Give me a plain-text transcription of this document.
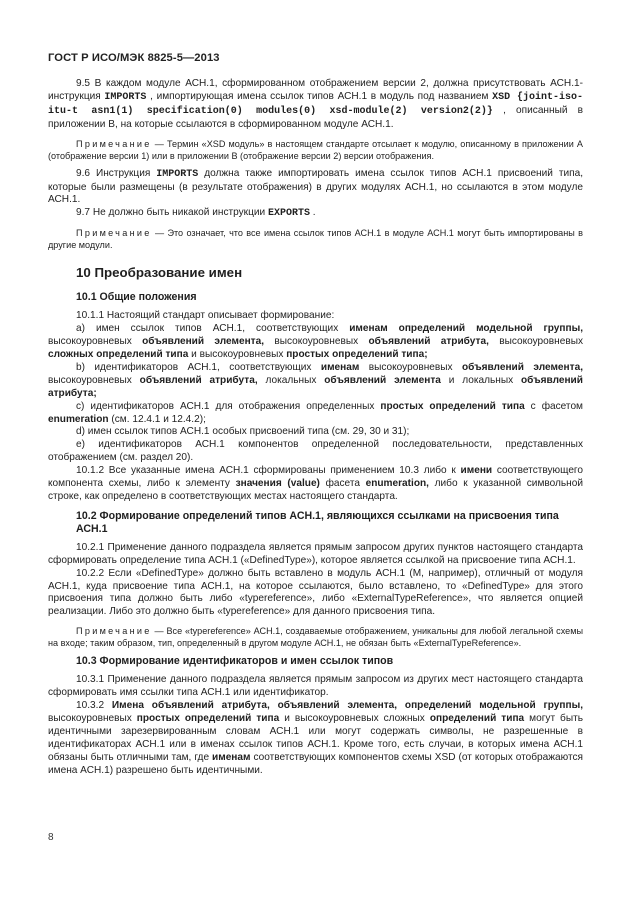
ГОСТ Р ИСО/МЭК 8825-5—2013

9.5 В каждом модуле АСН.1, сформированном отображением версии 2, должна присутствовать АСН.1-инструкция IMPORTS , импортирующая имена ссылок типов АСН.1 в модуль под названием XSD {joint-iso-itu-t asn1(1) specification(0) modules(0) xsd-module(2) version2(2)} , описанный в приложении В, на которые ссылаются в сформированном модуле АСН.1.

Примечание — Термин «XSD модуль» в настоящем стандарте отсылает к модулю, описанному в приложении А (отображение версии 1) или в приложении В (отображение версии 2) версии отображения.

9.6 Инструкция IMPORTS должна также импортировать имена ссылок типов АСН.1 присвоений типа, которые были размещены (в результате отображения) в других модулях АСН.1, но ссылаются в этом модуле АСН.1.

9.7 Не должно быть никакой инструкции EXPORTS .

Примечание — Это означает, что все имена ссылок типов АСН.1 в модуле АСН.1 могут быть импортированы в другие модули.

10 Преобразование имен
10.1 Общие положения

10.1.1 Настоящий стандарт описывает формирование:

a) имен ссылок типов АСН.1, соответствующих именам определений модельной группы, высокоуровневых объявлений элемента, высокоуровневых объявлений атрибута, высокоуровневых сложных определений типа и высокоуровневых простых определений типа;

b) идентификаторов АСН.1, соответствующих именам высокоуровневых объявлений элемента, высокоуровневых объявлений атрибута, локальных объявлений элемента и локальных объявлений атрибута;

c) идентификаторов АСН.1 для отображения определенных простых определений типа с фасетом enumeration (см. 12.4.1 и 12.4.2);

d) имен ссылок типов АСН.1 особых присвоений типа (см. 29, 30 и 31);

e) идентификаторов АСН.1 компонентов определенной последовательности, представленных отображением (см. раздел 20).

10.1.2 Все указанные имена АСН.1 сформированы применением 10.3 либо к имени соответствующего компонента схемы, либо к элементу значения (value) фасета enumeration, либо к указанной символьной строке, как определено в соответствующих местах настоящего стандарта.

10.2 Формирование определений типов АСН.1, являющихся ссылками на присвоения типа АСН.1

10.2.1 Применение данного подраздела является прямым запросом других пунктов настоящего стандарта сформировать определение типа АСН.1 («DefinedType»), которое является ссылкой на присвоение типа АСН.1.

10.2.2 Если «DefinedType» должно быть вставлено в модуль АСН.1 (М, например), отличный от модуля АСН.1, куда присвоение типа АСН.1, на которое ссылаются, было вставлено, то «DefinedType» для этого присвоения типа должно быть либо «typereference», либо «ExternalTypeReference», что является опцией реализации. Либо это должно быть «typereference» для данного присвоения типа.

Примечание — Все «typereference» АСН.1, создаваемые отображением, уникальны для любой легальной схемы на входе; таким образом, тип, определенный в другом модуле АСН.1, не обязан быть «ExternalTypeReference».

10.3 Формирование идентификаторов и имен ссылок типов

10.3.1 Применение данного подраздела является прямым запросом из других мест настоящего стандарта сформировать имя ссылки типа АСН.1 или идентификатор.

10.3.2 Имена объявлений атрибута, объявлений элемента, определений модельной группы, высокоуровневых простых определений типа и высокоуровневых сложных определений типа могут быть идентичными зарезервированным словам АСН.1 или могут содержать символы, не разрешенные в идентификаторах АСН.1 или в именах ссылок типов АСН.1. Кроме того, есть случаи, в которых имена АСН.1 обязаны быть отличными там, где именам соответствующих компонентов схемы XSD (от которых отображаются имена АСН.1) разрешено быть идентичными.

8
